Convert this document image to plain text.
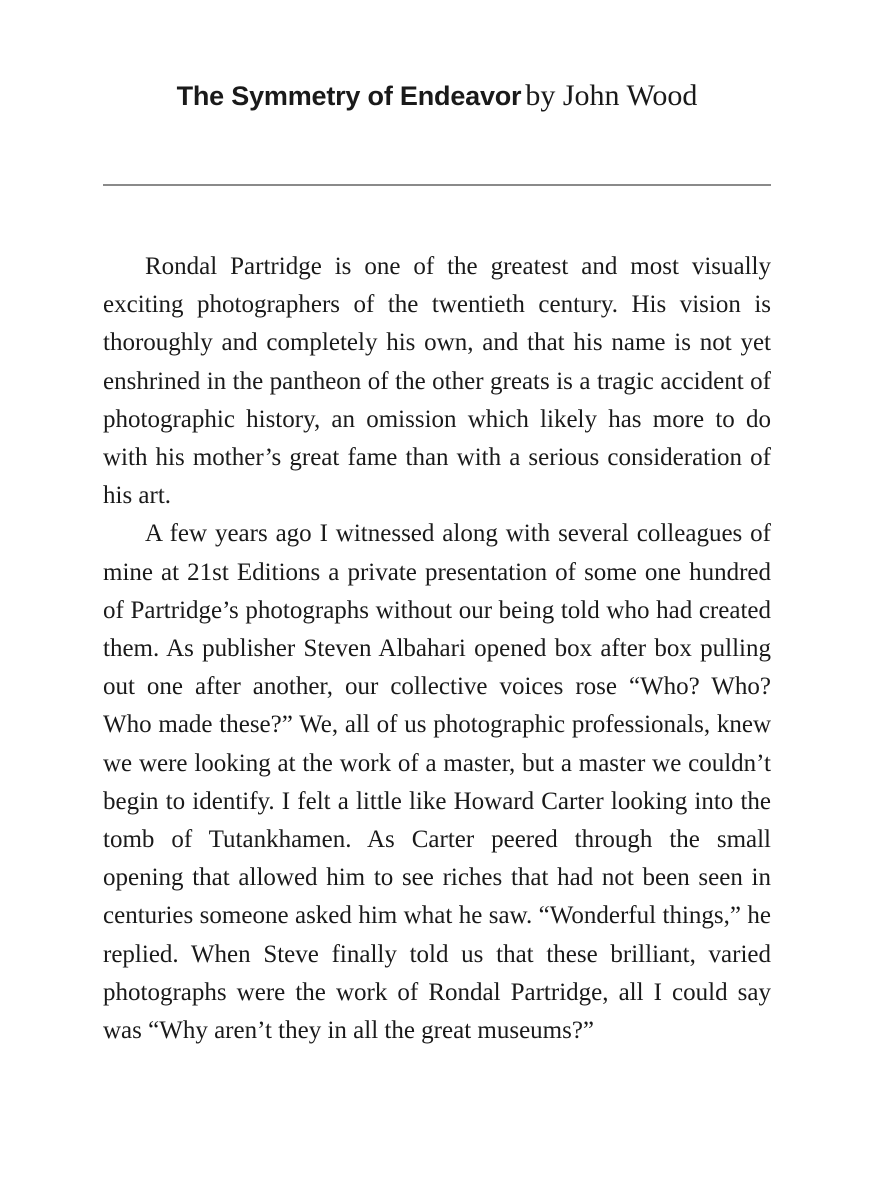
The Symmetry of Endeavor by John Wood

Rondal Partridge is one of the greatest and most visually exciting photographers of the twentieth century. His vision is thoroughly and completely his own, and that his name is not yet enshrined in the pantheon of the other greats is a tragic accident of photographic history, an omission which likely has more to do with his mother’s great fame than with a serious consideration of his art.

A few years ago I witnessed along with several colleagues of mine at 21st Editions a private presentation of some one hundred of Partridge’s photographs without our being told who had created them. As publisher Steven Albahari opened box after box pulling out one after another, our collective voices rose “Who? Who? Who made these?” We, all of us photographic professionals, knew we were looking at the work of a master, but a master we couldn’t begin to identify. I felt a little like Howard Carter looking into the tomb of Tutankhamen. As Carter peered through the small opening that allowed him to see riches that had not been seen in centuries someone asked him what he saw. “Wonderful things,” he replied. When Steve finally told us that these brilliant, varied photographs were the work of Rondal Partridge, all I could say was “Why aren’t they in all the great museums?”
